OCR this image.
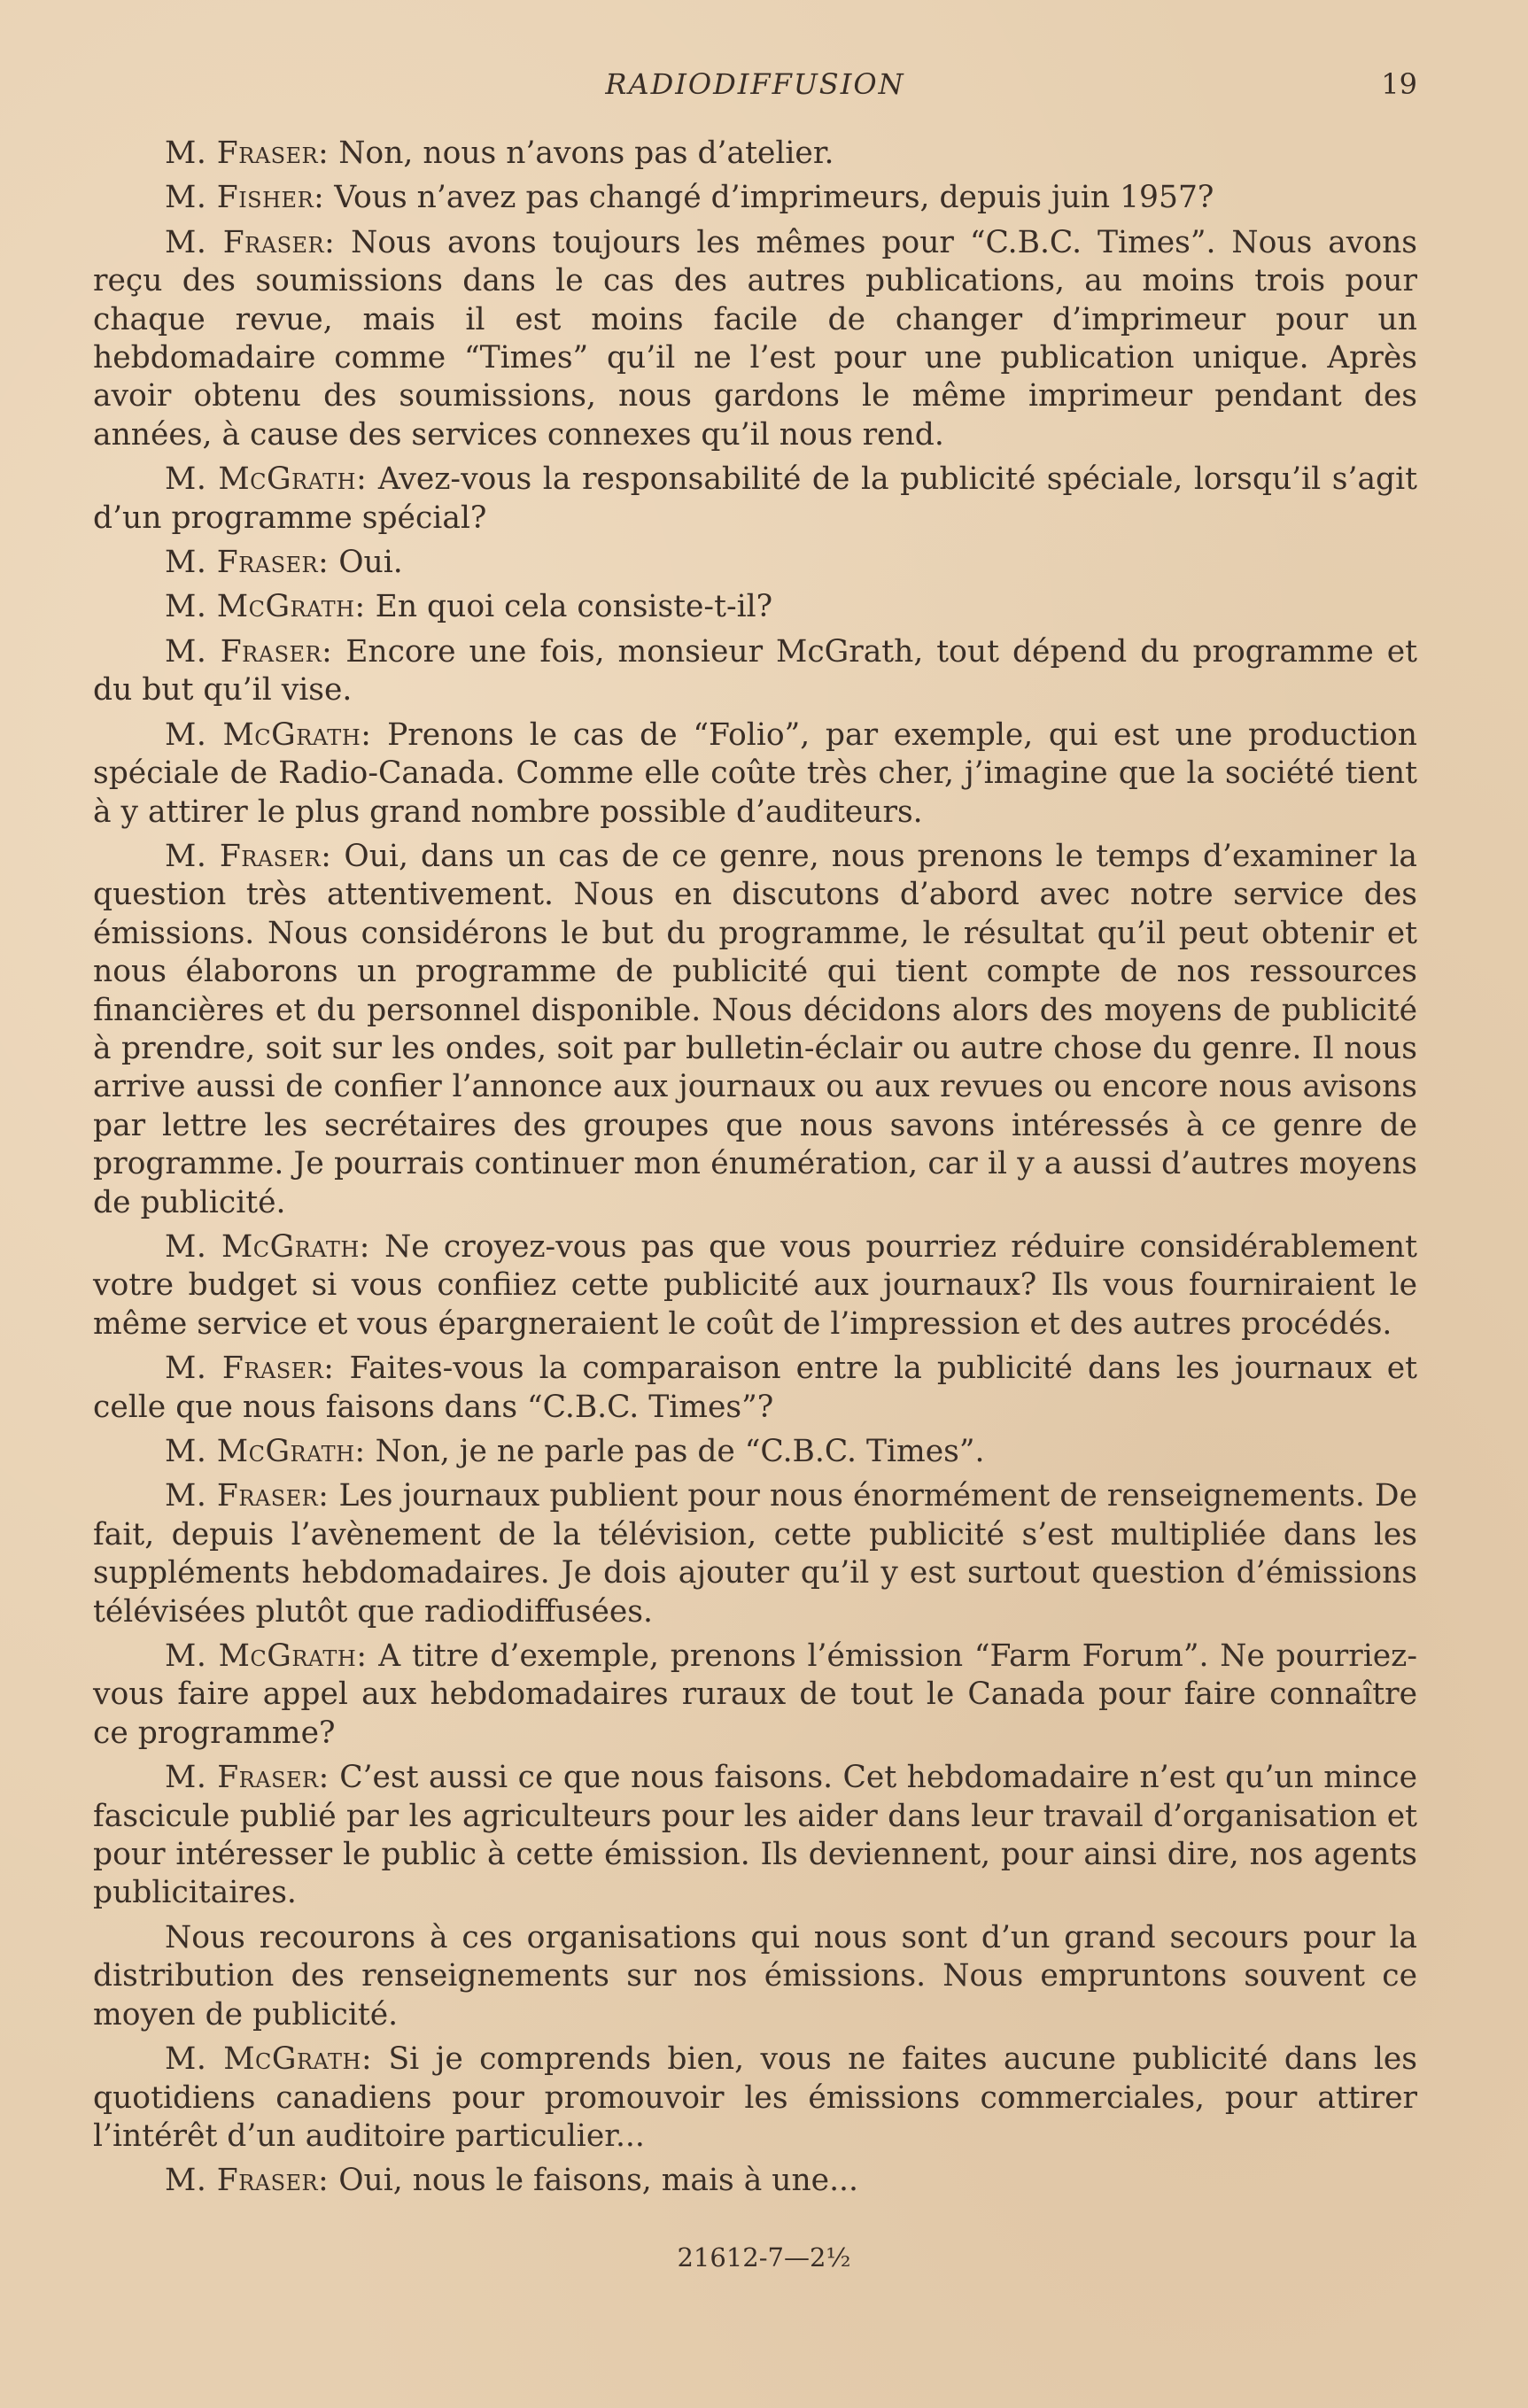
RADIODIFFUSION	19

M. Fraser: Non, nous n’avons pas d’atelier.

M. Fisher: Vous n’avez pas changé d’imprimeurs, depuis juin 1957?

M. Fraser: Nous avons toujours les mêmes pour “C.B.C. Times”. Nous avons reçu des soumissions dans le cas des autres publications, au moins trois pour chaque revue, mais il est moins facile de changer d’imprimeur pour un hebdomadaire comme “Times” qu’il ne l’est pour une publication unique. Après avoir obtenu des soumissions, nous gardons le même imprimeur pendant des années, à cause des services connexes qu’il nous rend.

M. McGrath: Avez-vous la responsabilité de la publicité spéciale, lorsqu’il s’agit d’un programme spécial?

M. Fraser: Oui.

M. McGrath: En quoi cela consiste-t-il?

M. Fraser: Encore une fois, monsieur McGrath, tout dépend du programme et du but qu’il vise.

M. McGrath: Prenons le cas de “Folio”, par exemple, qui est une production spéciale de Radio-Canada. Comme elle coûte très cher, j’imagine que la société tient à y attirer le plus grand nombre possible d’auditeurs.

M. Fraser: Oui, dans un cas de ce genre, nous prenons le temps d’examiner la question très attentivement. Nous en discutons d’abord avec notre service des émissions. Nous considérons le but du programme, le résultat qu’il peut obtenir et nous élaborons un programme de publicité qui tient compte de nos ressources financières et du personnel disponible. Nous décidons alors des moyens de publicité à prendre, soit sur les ondes, soit par bulletin-éclair ou autre chose du genre. Il nous arrive aussi de confier l’annonce aux journaux ou aux revues ou encore nous avisons par lettre les secrétaires des groupes que nous savons intéressés à ce genre de programme. Je pourrais continuer mon énumération, car il y a aussi d’autres moyens de publicité.

M. McGrath: Ne croyez-vous pas que vous pourriez réduire considérablement votre budget si vous confiiez cette publicité aux journaux? Ils vous fourniraient le même service et vous épargneraient le coût de l’impression et des autres procédés.

M. Fraser: Faites-vous la comparaison entre la publicité dans les journaux et celle que nous faisons dans “C.B.C. Times”?

M. McGrath: Non, je ne parle pas de “C.B.C. Times”.

M. Fraser: Les journaux publient pour nous énormément de renseignements. De fait, depuis l’avènement de la télévision, cette publicité s’est multipliée dans les suppléments hebdomadaires. Je dois ajouter qu’il y est surtout question d’émissions télévisées plutôt que radiodiffusées.

M. McGrath: A titre d’exemple, prenons l’émission “Farm Forum”. Ne pourriez-vous faire appel aux hebdomadaires ruraux de tout le Canada pour faire connaître ce programme?

M. Fraser: C’est aussi ce que nous faisons. Cet hebdomadaire n’est qu’un mince fascicule publié par les agriculteurs pour les aider dans leur travail d’organisation et pour intéresser le public à cette émission. Ils deviennent, pour ainsi dire, nos agents publicitaires.

Nous recourons à ces organisations qui nous sont d’un grand secours pour la distribution des renseignements sur nos émissions. Nous empruntons souvent ce moyen de publicité.

M. McGrath: Si je comprends bien, vous ne faites aucune publicité dans les quotidiens canadiens pour promouvoir les émissions commerciales, pour attirer l’intérêt d’un auditoire particulier...

M. Fraser: Oui, nous le faisons, mais à une...

21612-7—2½
